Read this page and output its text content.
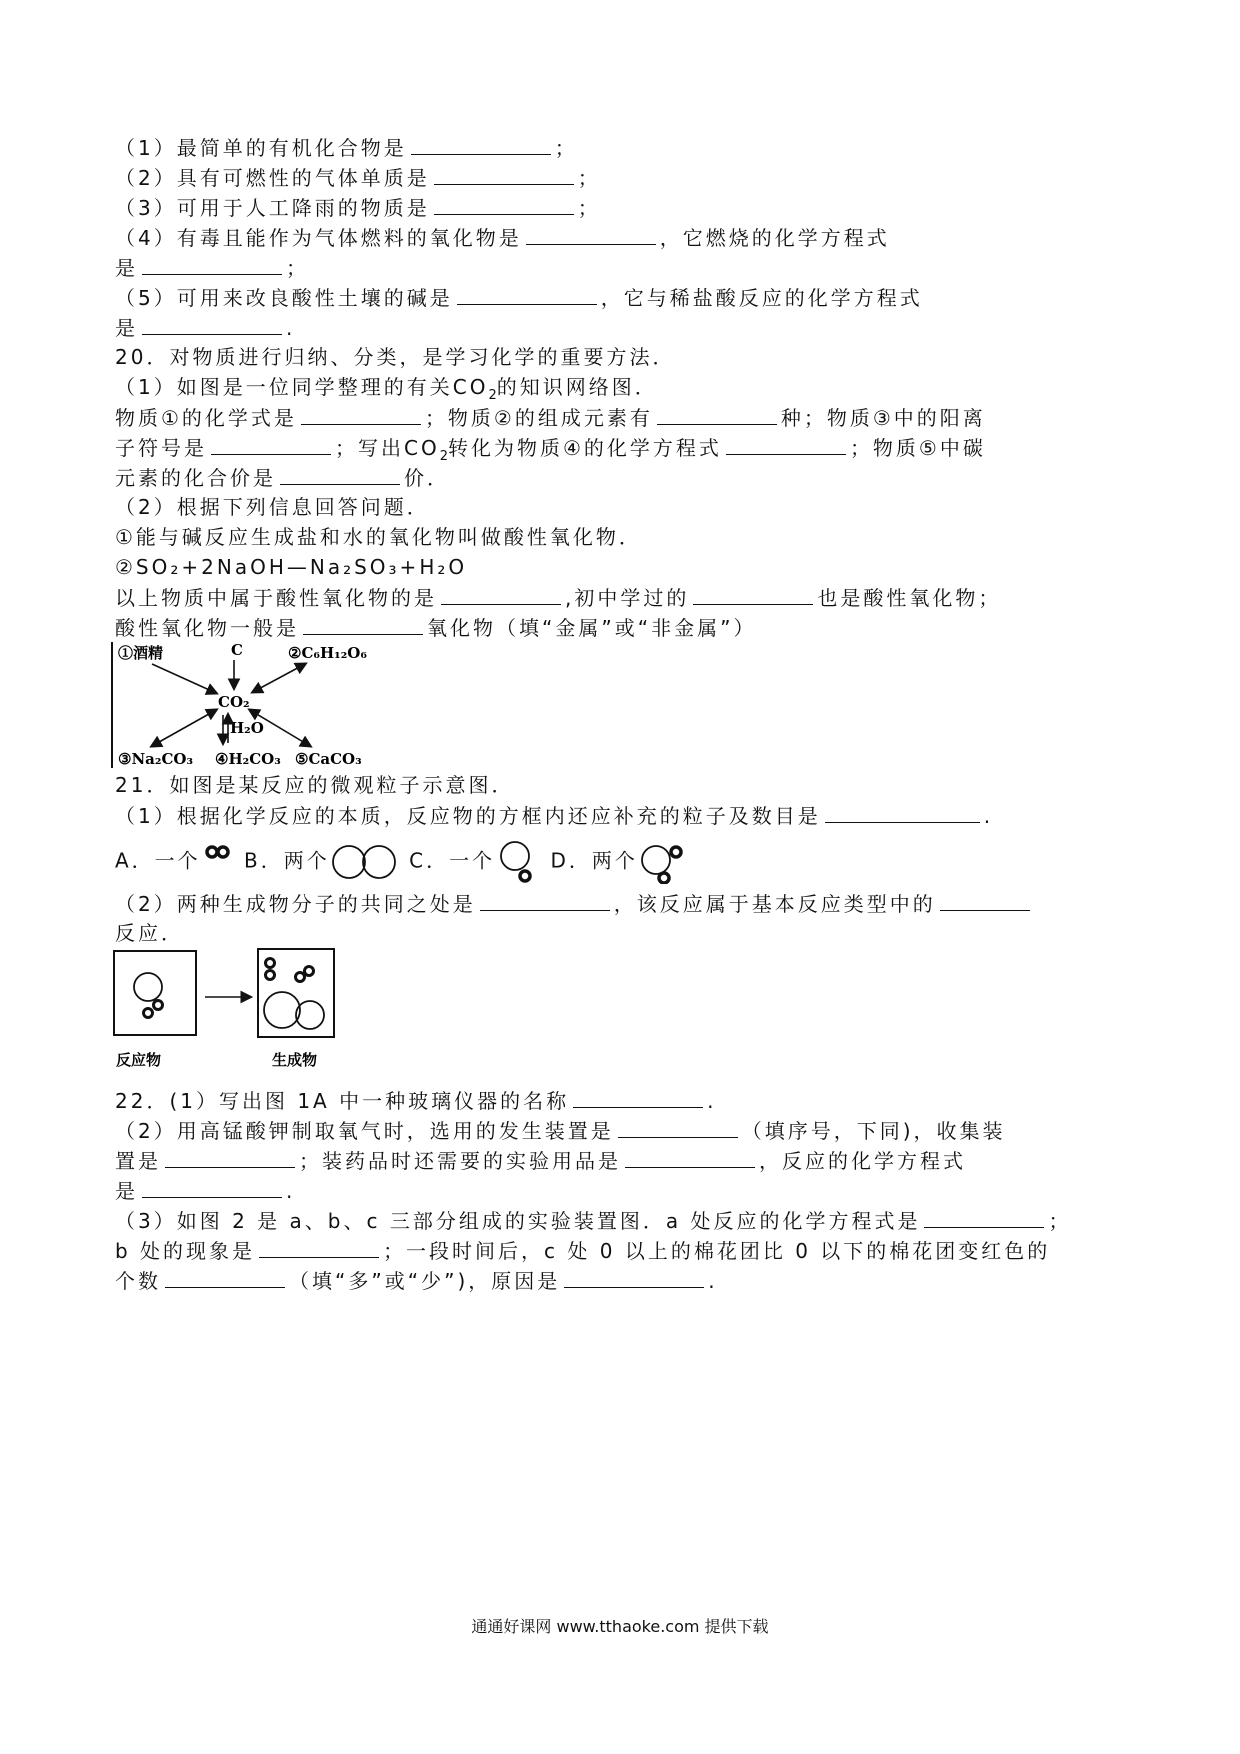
（1）最简单的有机化合物是	；
（2）具有可燃性的气体单质是	；
（3）可用于人工降雨的物质是	；
（4）有毒且能作为气体燃料的氧化物是	，它燃烧的化学方程式
是	；
（5）可用来改良酸性土壤的碱是	，它与稀盐酸反应的化学方程式
是	.
20．对物质进行归纳、分类，是学习化学的重要方法．
（1）如图是一位同学整理的有关$CO_2$的知识网络图．
物质①的化学式是	；物质②的组成元素有	种；物质③中的阳离
子符号是	；写出$CO_2$转化为物质④的化学方程式	；物质⑤中碳
元素的化合价是	价．
（2）根据下列信息回答问题．
①能与碱反应生成盐和水的氧化物叫做酸性氧化物．
②SO₂+2NaOH—Na₂SO₃+H₂O
以上物质中属于酸性氧化物的是	,初中学过的	也是酸性氧化物；
酸性氧化物一般是	氧化物（填“金属”或“非金属”）
①酒精	C	②C₆H₁₂O₆
CO₂
H₂O
③Na₂CO₃ ④H₂CO₃ ⑤CaCO₃
21．如图是某反应的微观粒子示意图．
（1）根据化学反应的本质，反应物的方框内还应补充的粒子及数目是	.
A．一个 B．两个	C．一个	D．两个
（2）两种生成物分子的共同之处是	，该反应属于基本反应类型中的
反应．
反应物	生成物
22．(1）写出图 1A 中一种玻璃仪器的名称	.
（2）用高锰酸钾制取氧气时，选用的发生装置是	（填序号，下同)，收集装
置是	；装药品时还需要的实验用品是	，反应的化学方程式
是	.
（3）如图 2 是 a、b、c 三部分组成的实验装置图．a 处反应的化学方程式是	；
b 处的现象是	；一段时间后，c 处 0 以上的棉花团比 0 以下的棉花团变红色的
个数	（填“多”或“少”)，原因是	.
通通好课网 www.tthaoke.com 提供下载
